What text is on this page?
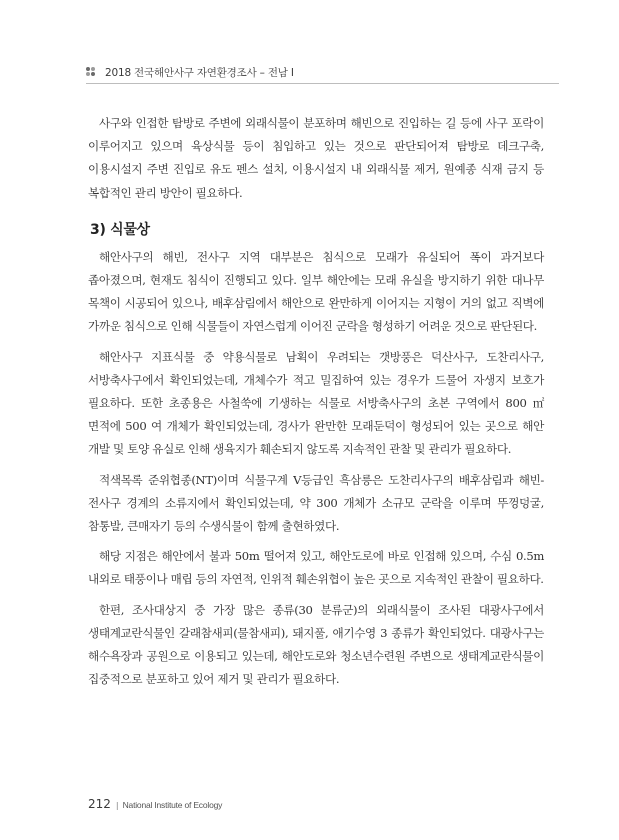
2018 전국해안사구 자연환경조사 – 전남 Ⅰ

사구와 인접한 탐방로 주변에 외래식물이 분포하며 해빈으로 진입하는 길 등에 사구 포락이 이루어지고 있으며 육상식물 등이 침입하고 있는 것으로 판단되어져 탐방로 데크구축, 이용시설지 주변 진입로 유도 펜스 설치, 이용시설지 내 외래식물 제거, 원예종 식재 금지 등 복합적인 관리 방안이 필요하다.

3) 식물상

해안사구의 해빈, 전사구 지역 대부분은 침식으로 모래가 유실되어 폭이 과거보다 좁아졌으며, 현재도 침식이 진행되고 있다. 일부 해안에는 모래 유실을 방지하기 위한 대나무 목책이 시공되어 있으나, 배후삼림에서 해안으로 완만하게 이어지는 지형이 거의 없고 직벽에 가까운 침식으로 인해 식물들이 자연스럽게 이어진 군락을 형성하기 어려운 것으로 판단된다.

해안사구 지표식물 중 약용식물로 남획이 우려되는 갯방풍은 덕산사구, 도찬리사구, 서방축사구에서 확인되었는데, 개체수가 적고 밀집하여 있는 경우가 드물어 자생지 보호가 필요하다. 또한 초종용은 사철쑥에 기생하는 식물로 서방축사구의 초본 구역에서 800 ㎡ 면적에 500 여 개체가 확인되었는데, 경사가 완만한 모래둔덕이 형성되어 있는 곳으로 해안 개발 및 토양 유실로 인해 생육지가 훼손되지 않도록 지속적인 관찰 및 관리가 필요하다.

적색목록 준위협종(NT)이며 식물구계 V등급인 흑삼릉은 도찬리사구의 배후삼림과 해빈-전사구 경계의 소류지에서 확인되었는데, 약 300 개체가 소규모 군락을 이루며 뚜껑덩굴, 참통발, 큰매자기 등의 수생식물이 함께 출현하였다.

해당 지점은 해안에서 불과 50m 떨어져 있고, 해안도로에 바로 인접해 있으며, 수심 0.5m 내외로 태풍이나 매립 등의 자연적, 인위적 훼손위협이 높은 곳으로 지속적인 관찰이 필요하다.

한편, 조사대상지 중 가장 많은 종류(30 분류군)의 외래식물이 조사된 대광사구에서 생태계교란식물인 갈래참새피(물참새피), 돼지풀, 애기수영 3 종류가 확인되었다. 대광사구는 해수욕장과 공원으로 이용되고 있는데, 해안도로와 청소년수련원 주변으로 생태계교란식물이 집중적으로 분포하고 있어 제거 및 관리가 필요하다.

212 | National Institute of Ecology
